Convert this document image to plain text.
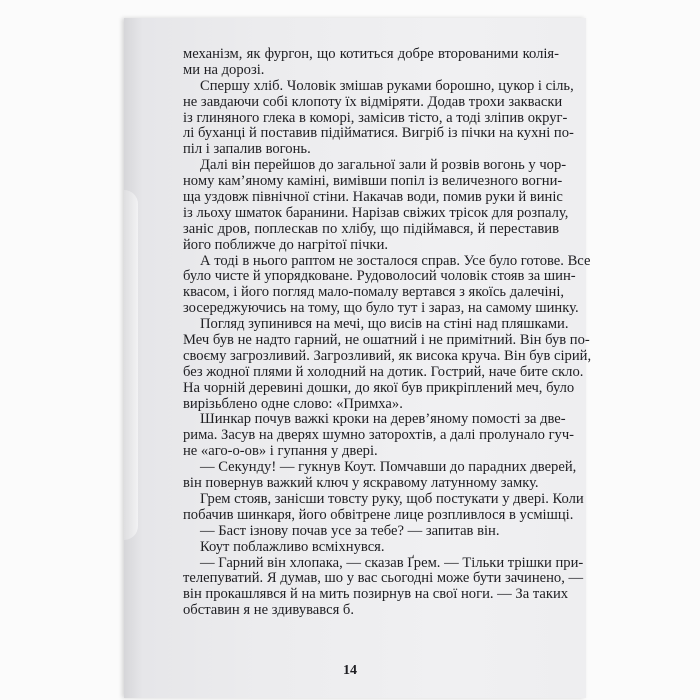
механізм, як фургон, що котиться добре второваними колія-
ми на дорозі.
Спершу хліб. Чоловік змішав руками борошно, цукор і сіль,
не завдаючи собі клопоту їх відміряти. Додав трохи закваски
із глиняного глека в коморі, замісив тісто, а тоді зліпив округ-
лі буханці й поставив підійматися. Вигріб із пічки на кухні по-
піл і запалив вогонь.
Далі він перейшов до загальної зали й розвів вогонь у чор-
ному кам’яному каміні, вимівши попіл із величезного вогни-
ща уздовж північної стіни. Накачав води, помив руки й виніс
із льоху шматок баранини. Нарізав свіжих трісок для розпалу,
заніс дров, поплескав по хлібу, що підіймався, й переставив
його поближче до нагрітої пічки.
А тоді в нього раптом не зосталося справ. Усе було готове. Все
було чисте й упорядковане. Рудоволосий чоловік стояв за шин-
квасом, і його погляд мало-помалу вертався з якоїсь далечіні,
зосереджуючись на тому, що було тут і зараз, на самому шинку.
Погляд зупинився на мечі, що висів на стіні над пляшками.
Меч був не надто гарний, не ошатний і не примітний. Він був по-
своєму загрозливий. Загрозливий, як висока круча. Він був сірий,
без жодної плями й холодний на дотик. Гострий, наче бите скло.
На чорній деревині дошки, до якої був прикріплений меч, було
вирізьблено одне слово: «Примха».
Шинкар почув важкі кроки на дерев’яному помості за две-
рима. Засув на дверях шумно заторохтів, а далі пролунало гуч-
не «аго-о-ов» і гупання у двері.
— Секунду! — гукнув Коут. Помчавши до парадних дверей,
він повернув важкий ключ у яскравому латунному замку.
Грем стояв, занісши товсту руку, щоб постукати у двері. Коли
побачив шинкаря, його обвітрене лице розпливлося в усмішці.
— Баст ізнову почав усе за тебе? — запитав він.
Коут поблажливо всміхнувся.
— Гарний він хлопака, — сказав Ґрем. — Тільки трішки при-
телепуватий. Я думав, шо у вас сьогодні може бути зачинено, —
він прокашлявся й на мить позирнув на свої ноги. — За таких
обставин я не здивувався б.
14
